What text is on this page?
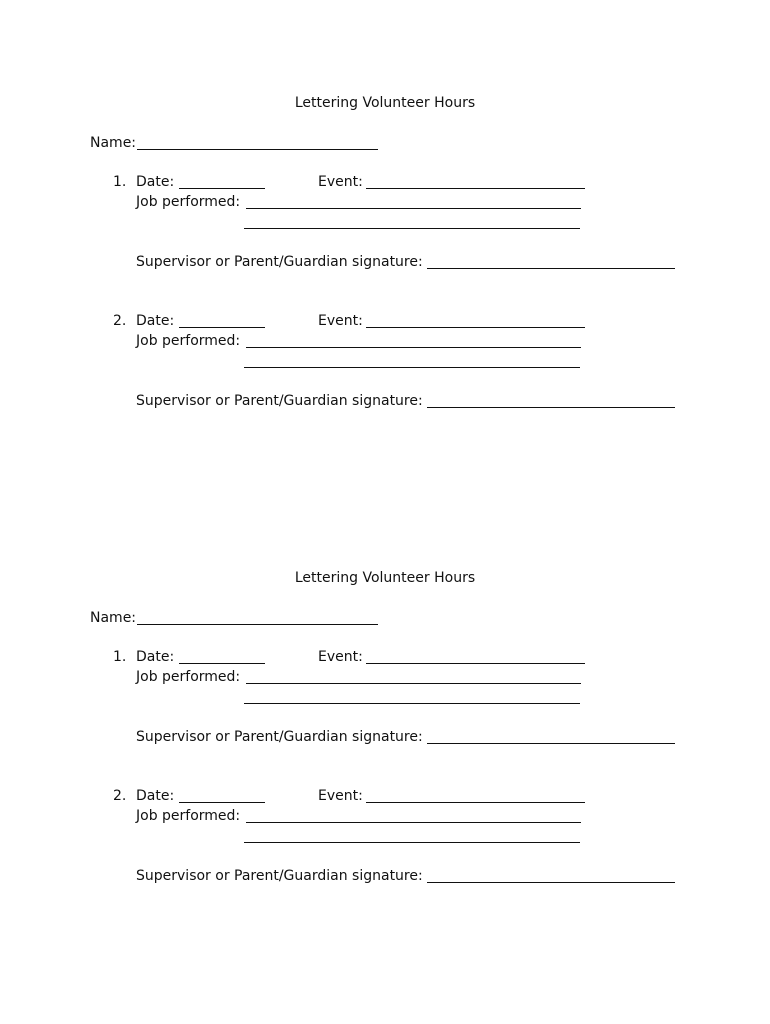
Lettering Volunteer Hours
Name:
1. Date:	Event:
Job performed:
Supervisor or Parent/Guardian signature:
2. Date:	Event:
Job performed:
Supervisor or Parent/Guardian signature:
Lettering Volunteer Hours
Name:
1. Date:	Event:
Job performed:
Supervisor or Parent/Guardian signature:
2. Date:	Event:
Job performed:
Supervisor or Parent/Guardian signature:
